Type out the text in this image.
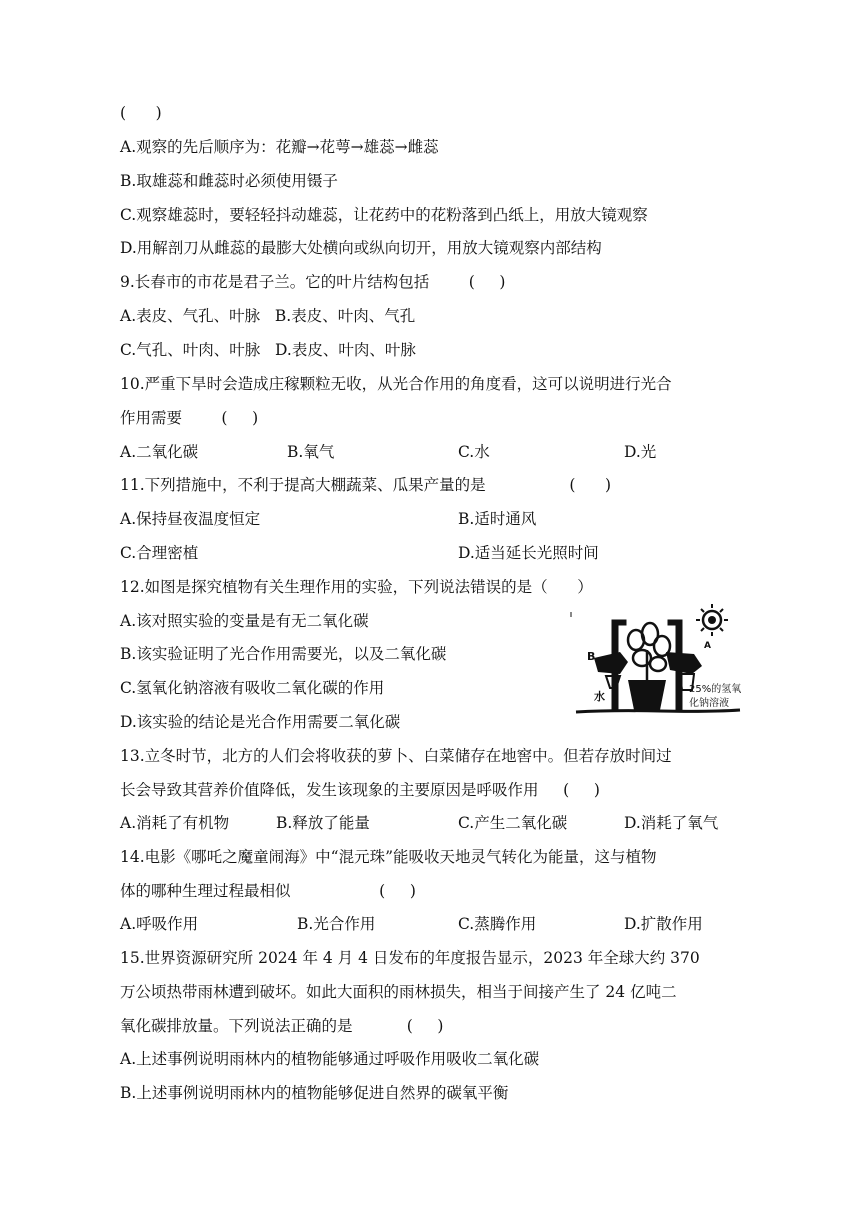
(      )
A.观察的先后顺序为：花瓣→花萼→雄蕊→雌蕊
B.取雄蕊和雌蕊时必须使用镊子
C.观察雄蕊时，要轻轻抖动雄蕊，让花药中的花粉落到凸纸上，用放大镜观察
D.用解剖刀从雌蕊的最膨大处横向或纵向切开，用放大镜观察内部结构
9.长春市的市花是君子兰。它的叶片结构包括        (     )
A.表皮、气孔、叶脉   B.表皮、叶肉、气孔
C.气孔、叶肉、叶脉   D.表皮、叶肉、叶脉
10.严重下旱时会造成庄稼颗粒无收，从光合作用的角度看，这可以说明进行光合
作用需要        (     )
A.二氧化碳	B.氧气	C.水	D.光
11.下列措施中，不利于提高大棚蔬菜、瓜果产量的是                 (      )
A.保持昼夜温度恒定	B.适时通风
C.合理密植	D.适当延长光照时间
12.如图是探究植物有关生理作用的实验，下列说法错误的是（      ）
A.该对照实验的变量是有无二氧化碳
B.该实验证明了光合作用需要光，以及二氧化碳
C.氢氧化钠溶液有吸收二氧化碳的作用
D.该实验的结论是光合作用需要二氧化碳
B
A
水
25%的氢氧
化钠溶液
13.立冬时节，北方的人们会将收获的萝卜、白菜储存在地窖中。但若存放时间过
长会导致其营养价值降低，发生该现象的主要原因是呼吸作用     (     )
A.消耗了有机物	B.释放了能量	C.产生二氧化碳	D.消耗了氧气
14.电影《哪吒之魔童闹海》中“混元珠”能吸收天地灵气转化为能量，这与植物
体的哪种生理过程最相似                  (     )
A.呼吸作用	B.光合作用	C.蒸腾作用	D.扩散作用
15.世界资源研究所 2024 年 4 月 4 日发布的年度报告显示，2023 年全球大约 370
万公顷热带雨林遭到破坏。如此大面积的雨林损失，相当于间接产生了 24 亿吨二
氧化碳排放量。下列说法正确的是           (     )
A.上述事例说明雨林内的植物能够通过呼吸作用吸收二氧化碳
B.上述事例说明雨林内的植物能够促进自然界的碳氧平衡
